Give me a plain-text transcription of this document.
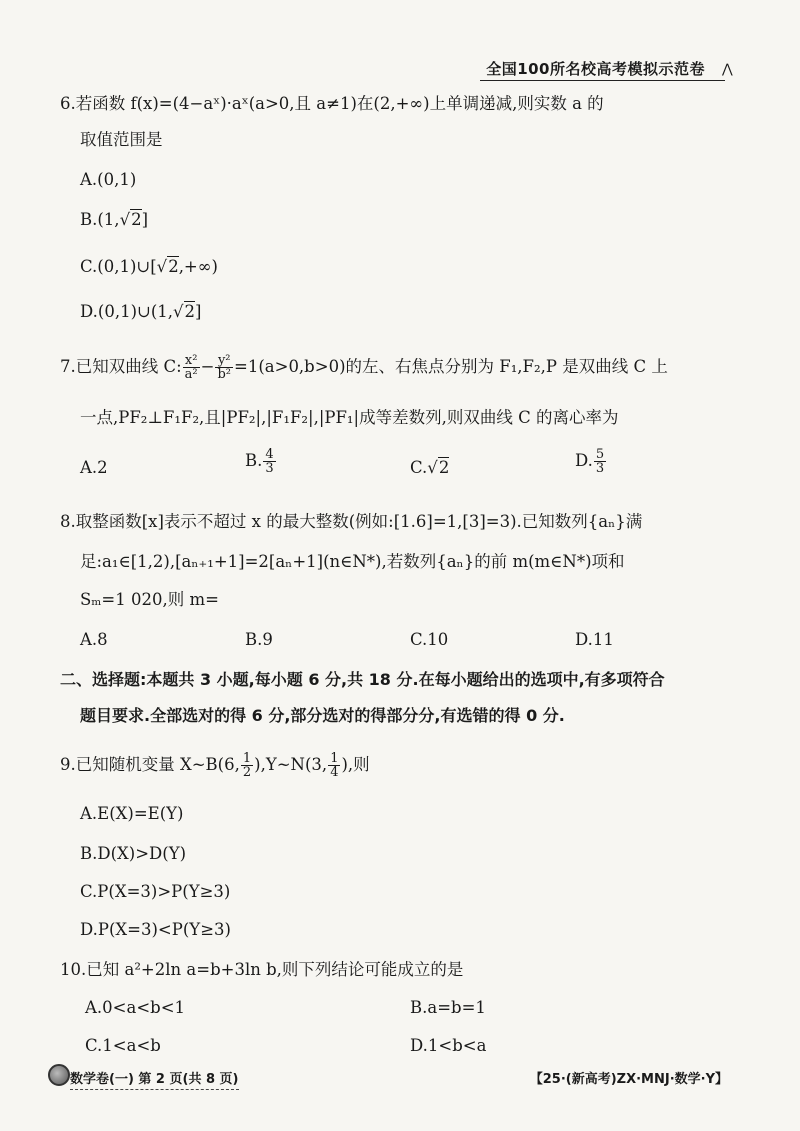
全国100所名校高考模拟示范卷 ⋀
6.若函数 f(x)=(4−aˣ)·aˣ(a>0,且 a≠1)在(2,+∞)上单调递减,则实数 a 的
取值范围是
A.(0,1)
B.(1,√2]
C.(0,1)∪[√2,+∞)
D.(0,1)∪(1,√2]
7.已知双曲线 C: $\frac{\text{x²}}{\text{a²}} - \frac{\text{y²}}{\text{b²}} =1(a>0,b>0)$的左、右焦点分别为 F₁,F₂,P 是双曲线 C 上
一点,PF₂⊥F₁F₂,且|PF₂|,|F₁F₂|,|PF₁|成等差数列,则双曲线 C 的离心率为
A.2	B. $\frac{4}{3}$	C.√2	D. $\frac{5}{3}$
8.取整函数[x]表示不超过 x 的最大整数(例如:[1.6]=1,[3]=3).已知数列{aₙ}满
足:a₁∈[1,2),[aₙ₊₁+1]=2[aₙ+1](n∈N*),若数列{aₙ}的前 m(m∈N*)项和
Sₘ=1 020,则 m=
A.8	B.9	C.10	D.11
二、选择题:本题共 3 小题,每小题 6 分,共 18 分.在每小题给出的选项中,有多项符合
题目要求.全部选对的得 6 分,部分选对的得部分分,有选错的得 0 分.
9.已知随机变量 X~B(6, $\frac{1}{2}$ ),Y~N(3, $\frac{1}{4}$ ),则
A.E(X)=E(Y)
B.D(X)>D(Y)
C.P(X=3)>P(Y≥3)
D.P(X=3)<P(Y≥3)
10.已知 a²+2ln a=b+3ln b,则下列结论可能成立的是
A.0<a<b<1	B.a=b=1
C.1<a<b	D.1<b<a
数学卷(一) 第 2 页(共 8 页)	【25·(新高考)ZX·MNJ·数学·Y】
